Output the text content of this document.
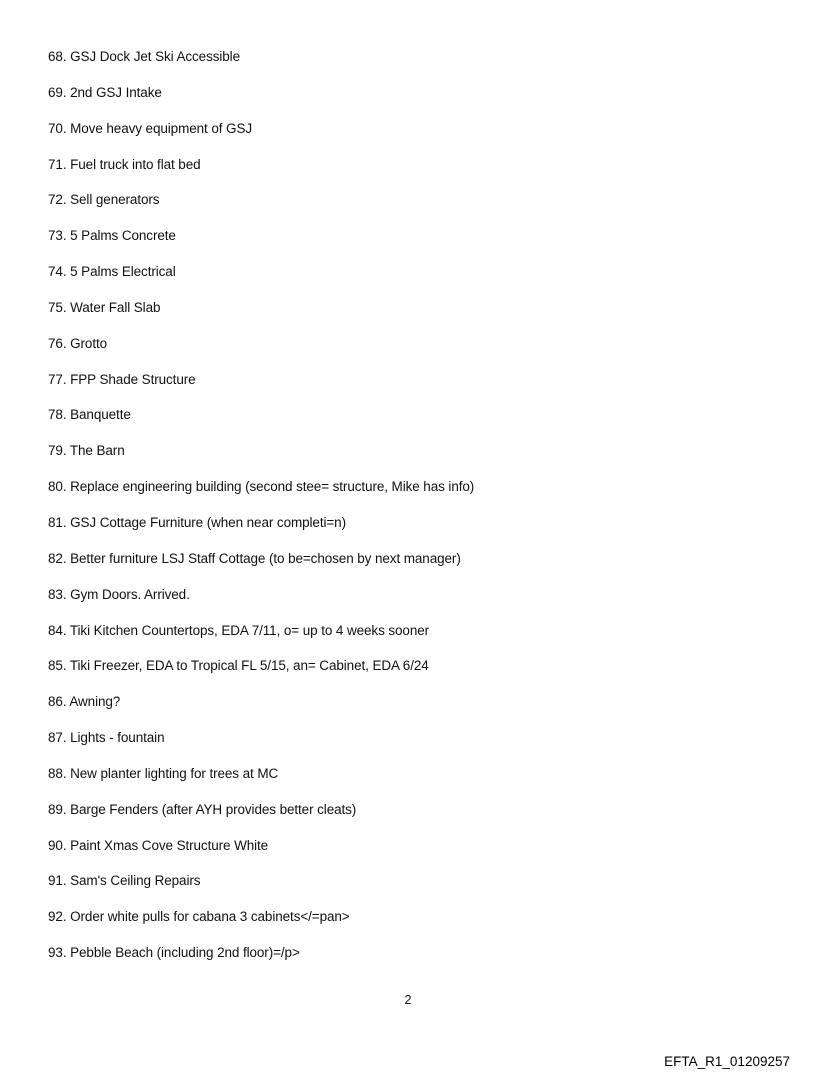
68. GSJ Dock Jet Ski Accessible
69. 2nd GSJ Intake
70. Move heavy equipment of GSJ
71. Fuel truck into flat bed
72. Sell generators
73. 5 Palms Concrete
74. 5 Palms Electrical
75. Water Fall Slab
76. Grotto
77. FPP Shade Structure
78. Banquette
79. The Barn
80. Replace engineering building (second stee= structure, Mike has info)
81. GSJ Cottage Furniture (when near completi=n)
82. Better furniture LSJ Staff Cottage (to be=chosen by next manager)
83. Gym Doors. Arrived.
84. Tiki Kitchen Countertops, EDA 7/11, o= up to 4 weeks sooner
85. Tiki Freezer, EDA to Tropical FL 5/15, an= Cabinet, EDA 6/24
86. Awning?
87. Lights - fountain
88. New planter lighting for trees at MC
89. Barge Fenders (after AYH provides better cleats)
90. Paint Xmas Cove Structure White
91. Sam's Ceiling Repairs
92. Order white pulls for cabana 3 cabinets</=pan>
93. Pebble Beach (including 2nd floor)=/p>
2
EFTA_R1_01209257
